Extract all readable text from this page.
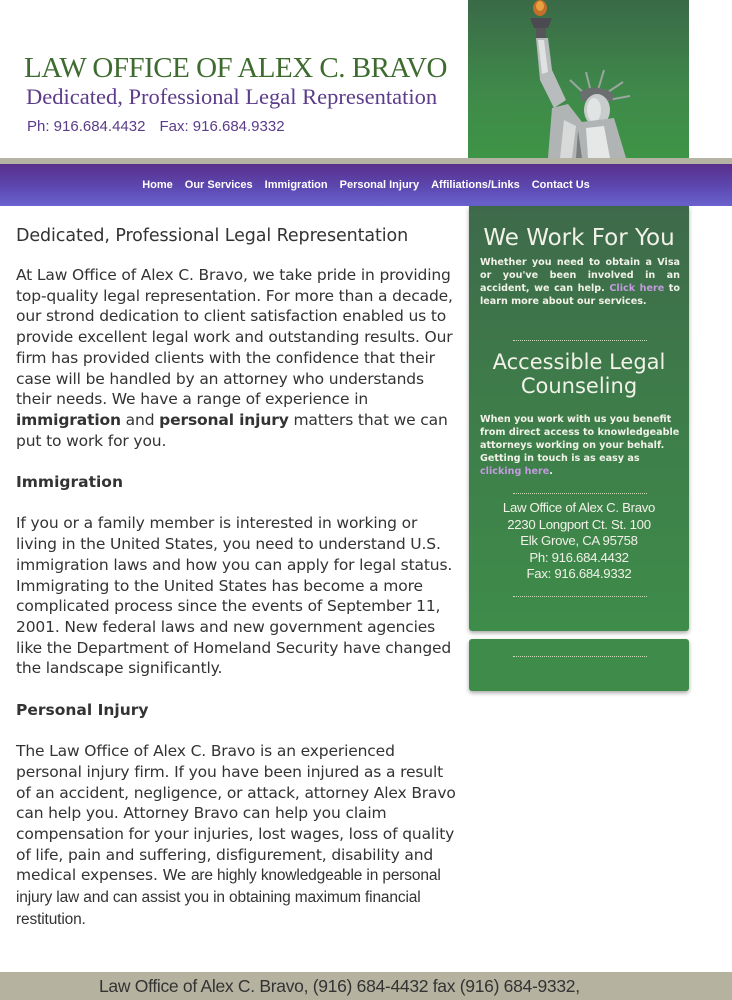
LAW OFFICE OF ALEX C. BRAVO
Dedicated, Professional Legal Representation
Ph: 916.684.4432 Fax: 916.684.9332
Home Our Services Immigration Personal Injury Affiliations/Links Contact Us
Dedicated, Professional Legal Representation

At Law Office of Alex C. Bravo, we take pride in providing top-quality legal representation. For more than a decade, our strond dedication to client satisfaction enabled us to provide excellent legal work and outstanding results. Our firm has provided clients with the confidence that their case will be handled by an attorney who understands their needs. We have a range of experience in immigration and personal injury matters that we can put to work for you.

Immigration

If you or a family member is interested in working or living in the United States, you need to understand U.S. immigration laws and how you can apply for legal status. Immigrating to the United States has become a more complicated process since the events of September 11, 2001. New federal laws and new government agencies like the Department of Homeland Security have changed the landscape significantly.

Personal Injury

The Law Office of Alex C. Bravo is an experienced personal injury firm. If you have been injured as a result of an accident, negligence, or attack, attorney Alex Bravo can help you. Attorney Bravo can help you claim compensation for your injuries, lost wages, loss of quality of life, pain and suffering, disfigurement, disability and medical expenses. We are highly knowledgeable in personal injury law and can assist you in obtaining maximum financial restitution.

We Work For You
Whether you need to obtain a Visa or you've been involved in an accident, we can help. Click here to learn more about our services.
Accessible Legal
Counseling
When you work with us you benefit from direct access to knowledgeable attorneys working on your behalf. Getting in touch is as easy as clicking here.
Law Office of Alex C. Bravo
2230 Longport Ct. St. 100
Elk Grove, CA 95758
Ph: 916.684.4432
Fax: 916.684.9332
Law Office of Alex C. Bravo, (916) 684-4432 fax (916) 684-9332,
